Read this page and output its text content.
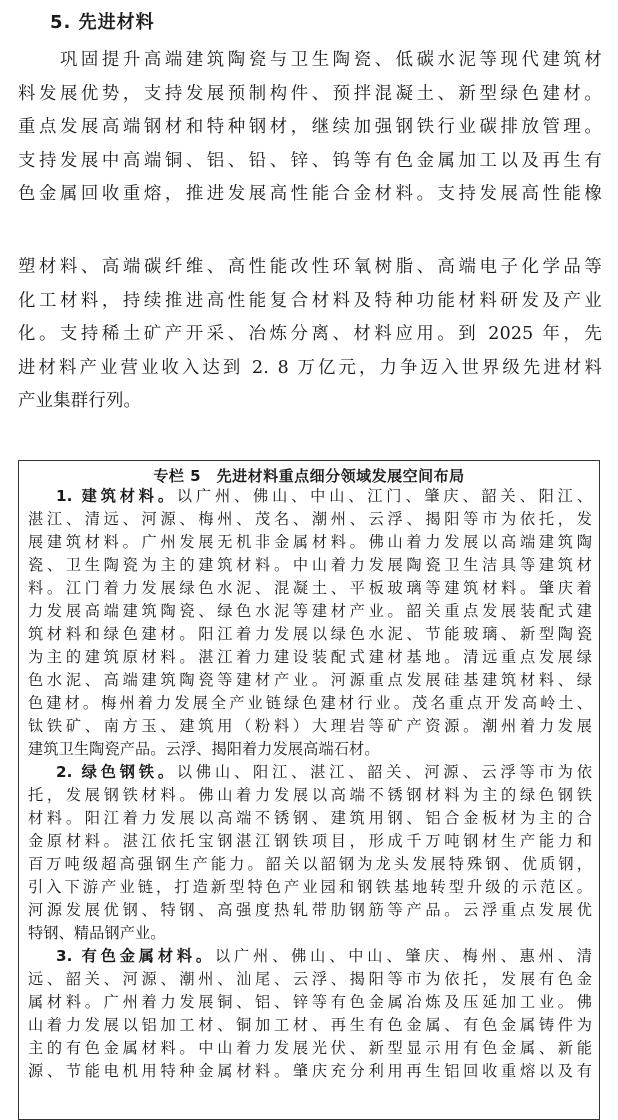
5. 先进材料

　　巩固提升高端建筑陶瓷与卫生陶瓷、低碳水泥等现代建筑材

料发展优势，支持发展预制构件、预拌混凝土、新型绿色建材。

重点发展高端钢材和特种钢材，继续加强钢铁行业碳排放管理。

支持发展中高端铜、铝、铅、锌、钨等有色金属加工以及再生有

色金属回收重熔，推进发展高性能合金材料。支持发展高性能橡

塑材料、高端碳纤维、高性能改性环氧树脂、高端电子化学品等

化工材料，持续推进高性能复合材料及特种功能材料研发及产业

化。支持稀土矿产开采、冶炼分离、材料应用。到 2025 年，先

进材料产业营业收入达到 2. 8 万亿元，力争迈入世界级先进材料

产业集群行列。

专栏 5　先进材料重点细分领域发展空间布局
1. 建筑材料。以广州、佛山、中山、江门、肇庆、韶关、阳江、
湛江、清远、河源、梅州、茂名、潮州、云浮、揭阳等市为依托，发
展建筑材料。广州发展无机非金属材料。佛山着力发展以高端建筑陶
瓷、卫生陶瓷为主的建筑材料。中山着力发展陶瓷卫生洁具等建筑材
料。江门着力发展绿色水泥、混凝土、平板玻璃等建筑材料。肇庆着
力发展高端建筑陶瓷、绿色水泥等建材产业。韶关重点发展装配式建
筑材料和绿色建材。阳江着力发展以绿色水泥、节能玻璃、新型陶瓷
为主的建筑原材料。湛江着力建设装配式建材基地。清远重点发展绿
色水泥、高端建筑陶瓷等建材产业。河源重点发展硅基建筑材料、绿
色建材。梅州着力发展全产业链绿色建材行业。茂名重点开发高岭土、
钛铁矿、南方玉、建筑用（粉料）大理岩等矿产资源。潮州着力发展
建筑卫生陶瓷产品。云浮、揭阳着力发展高端石材。
2. 绿色钢铁。以佛山、阳江、湛江、韶关、河源、云浮等市为依
托，发展钢铁材料。佛山着力发展以高端不锈钢材料为主的绿色钢铁
材料。阳江着力发展以高端不锈钢、建筑用钢、铝合金板材为主的合
金原材料。湛江依托宝钢湛江钢铁项目，形成千万吨钢材生产能力和
百万吨级超高强钢生产能力。韶关以韶钢为龙头发展特殊钢、优质钢，
引入下游产业链，打造新型特色产业园和钢铁基地转型升级的示范区。
河源发展优钢、特钢、高强度热轧带肋钢筋等产品。云浮重点发展优
特钢、精品钢产业。
3. 有色金属材料。以广州、佛山、中山、肇庆、梅州、惠州、清
远、韶关、河源、潮州、汕尾、云浮、揭阳等市为依托，发展有色金
属材料。广州着力发展铜、铝、锌等有色金属冶炼及压延加工业。佛
山着力发展以铝加工材、铜加工材、再生有色金属、有色金属铸件为
主的有色金属材料。中山着力发展光伏、新型显示用有色金属、新能
源、节能电机用特种金属材料。肇庆充分利用再生铝回收重熔以及有
